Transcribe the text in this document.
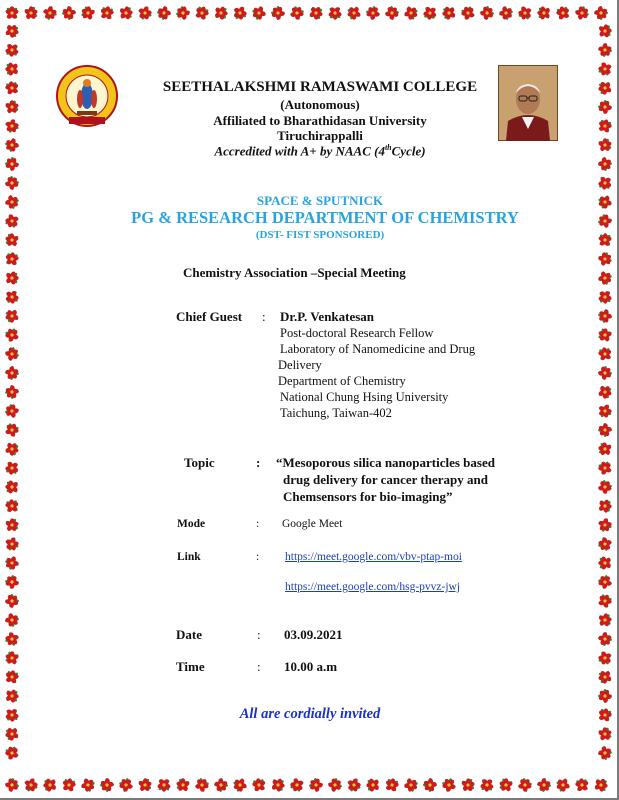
SEETHALAKSHMI RAMASWAMI COLLEGE
(Autonomous)
Affiliated to Bharathidasan University
Tiruchirappalli
Accredited with A+ by NAAC (4thCycle)
SPACE & SPUTNICK
PG & RESEARCH DEPARTMENT OF CHEMISTRY
(DST- FIST SPONSORED)
Chemistry Association –Special Meeting
Chief Guest : Dr.P. Venkatesan
Post-doctoral Research Fellow
Laboratory of Nanomedicine and Drug
Delivery
Department of Chemistry
National Chung Hsing University
Taichung, Taiwan-402
Topic	: “Mesoporous silica nanoparticles based
drug delivery for cancer therapy and
Chemsensors for bio-imaging”
Mode	: Google Meet
Link	: https://meet.google.com/vbv-ptap-moi
https://meet.google.com/hsg-pvvz-jwj
Date	: 03.09.2021
Time	: 10.00 a.m
All are cordially invited
